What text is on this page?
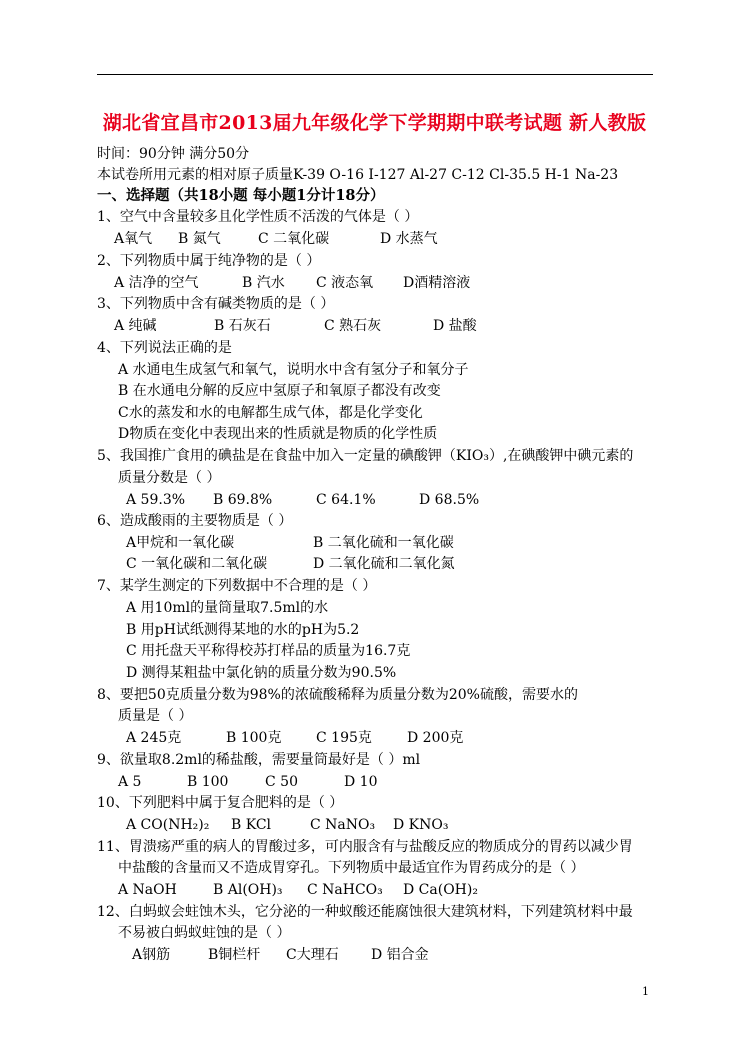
湖北省宜昌市2013届九年级化学下学期期中联考试题 新人教版
时间：90分钟 满分50分
本试卷所用元素的相对原子质量K-39 O-16 I-127 Al-27 C-12 Cl-35.5 H-1 Na-23
一、选择题（共18小题 每小题1分计18分）
1、空气中含量较多且化学性质不活泼的气体是（ ）
A氧气 B 氮气	C 二氧化碳	D 水蒸气
2、下列物质中属于纯净物的是（ ）
A 洁净的空气	B 汽水 C 液态氧 D酒精溶液
3、下列物质中含有碱类物质的是（ ）
A 纯碱	B 石灰石	C 熟石灰	D 盐酸
4、下列说法正确的是
A 水通电生成氢气和氧气，说明水中含有氢分子和氧分子
B 在水通电分解的反应中氢原子和氧原子都没有改变
C水的蒸发和水的电解都生成气体，都是化学变化
D物质在变化中表现出来的性质就是物质的化学性质
5、我国推广食用的碘盐是在食盐中加入一定量的碘酸钾（KIO₃）,在碘酸钾中碘元素的
质量分数是（ ）
A 59.3% B 69.8%	C 64.1%	D 68.5%
6、造成酸雨的主要物质是（ ）
A甲烷和一氧化碳	B 二氧化硫和一氧化碳
C 一氧化碳和二氧化碳	D 二氧化硫和二氧化氮
7、某学生测定的下列数据中不合理的是（ ）
A 用10ml的量筒量取7.5ml的水
B 用pH试纸测得某地的水的pH为5.2
C 用托盘天平称得校苏打样品的质量为16.7克
D 测得某粗盐中氯化钠的质量分数为90.5%
8、要把50克质量分数为98%的浓硫酸稀释为质量分数为20%硫酸，需要水的
质量是（ ）
A 245克	B 100克 C 195克	D 200克
9、欲量取8.2ml的稀盐酸，需要量筒最好是（ ）ml
A 5	B 100	C 50	D 10
10、下列肥料中属于复合肥料的是（ ）
A CO(NH₂)₂ B KCl	C NaNO₃ D KNO₃
11、胃溃疡严重的病人的胃酸过多，可内服含有与盐酸反应的物质成分的胃药以减少胃
中盐酸的含量而又不造成胃穿孔。下列物质中最适宜作为胃药成分的是（ ）
A NaOH	B Al(OH)₃ C NaHCO₃ D Ca(OH)₂
12、白蚂蚁会蛀蚀木头，它分泌的一种蚁酸还能腐蚀很大建筑材料，下列建筑材料中最
不易被白蚂蚁蛀蚀的是（ ）
A钢筋	B铜栏杆 C大理石 D 铝合金
1
